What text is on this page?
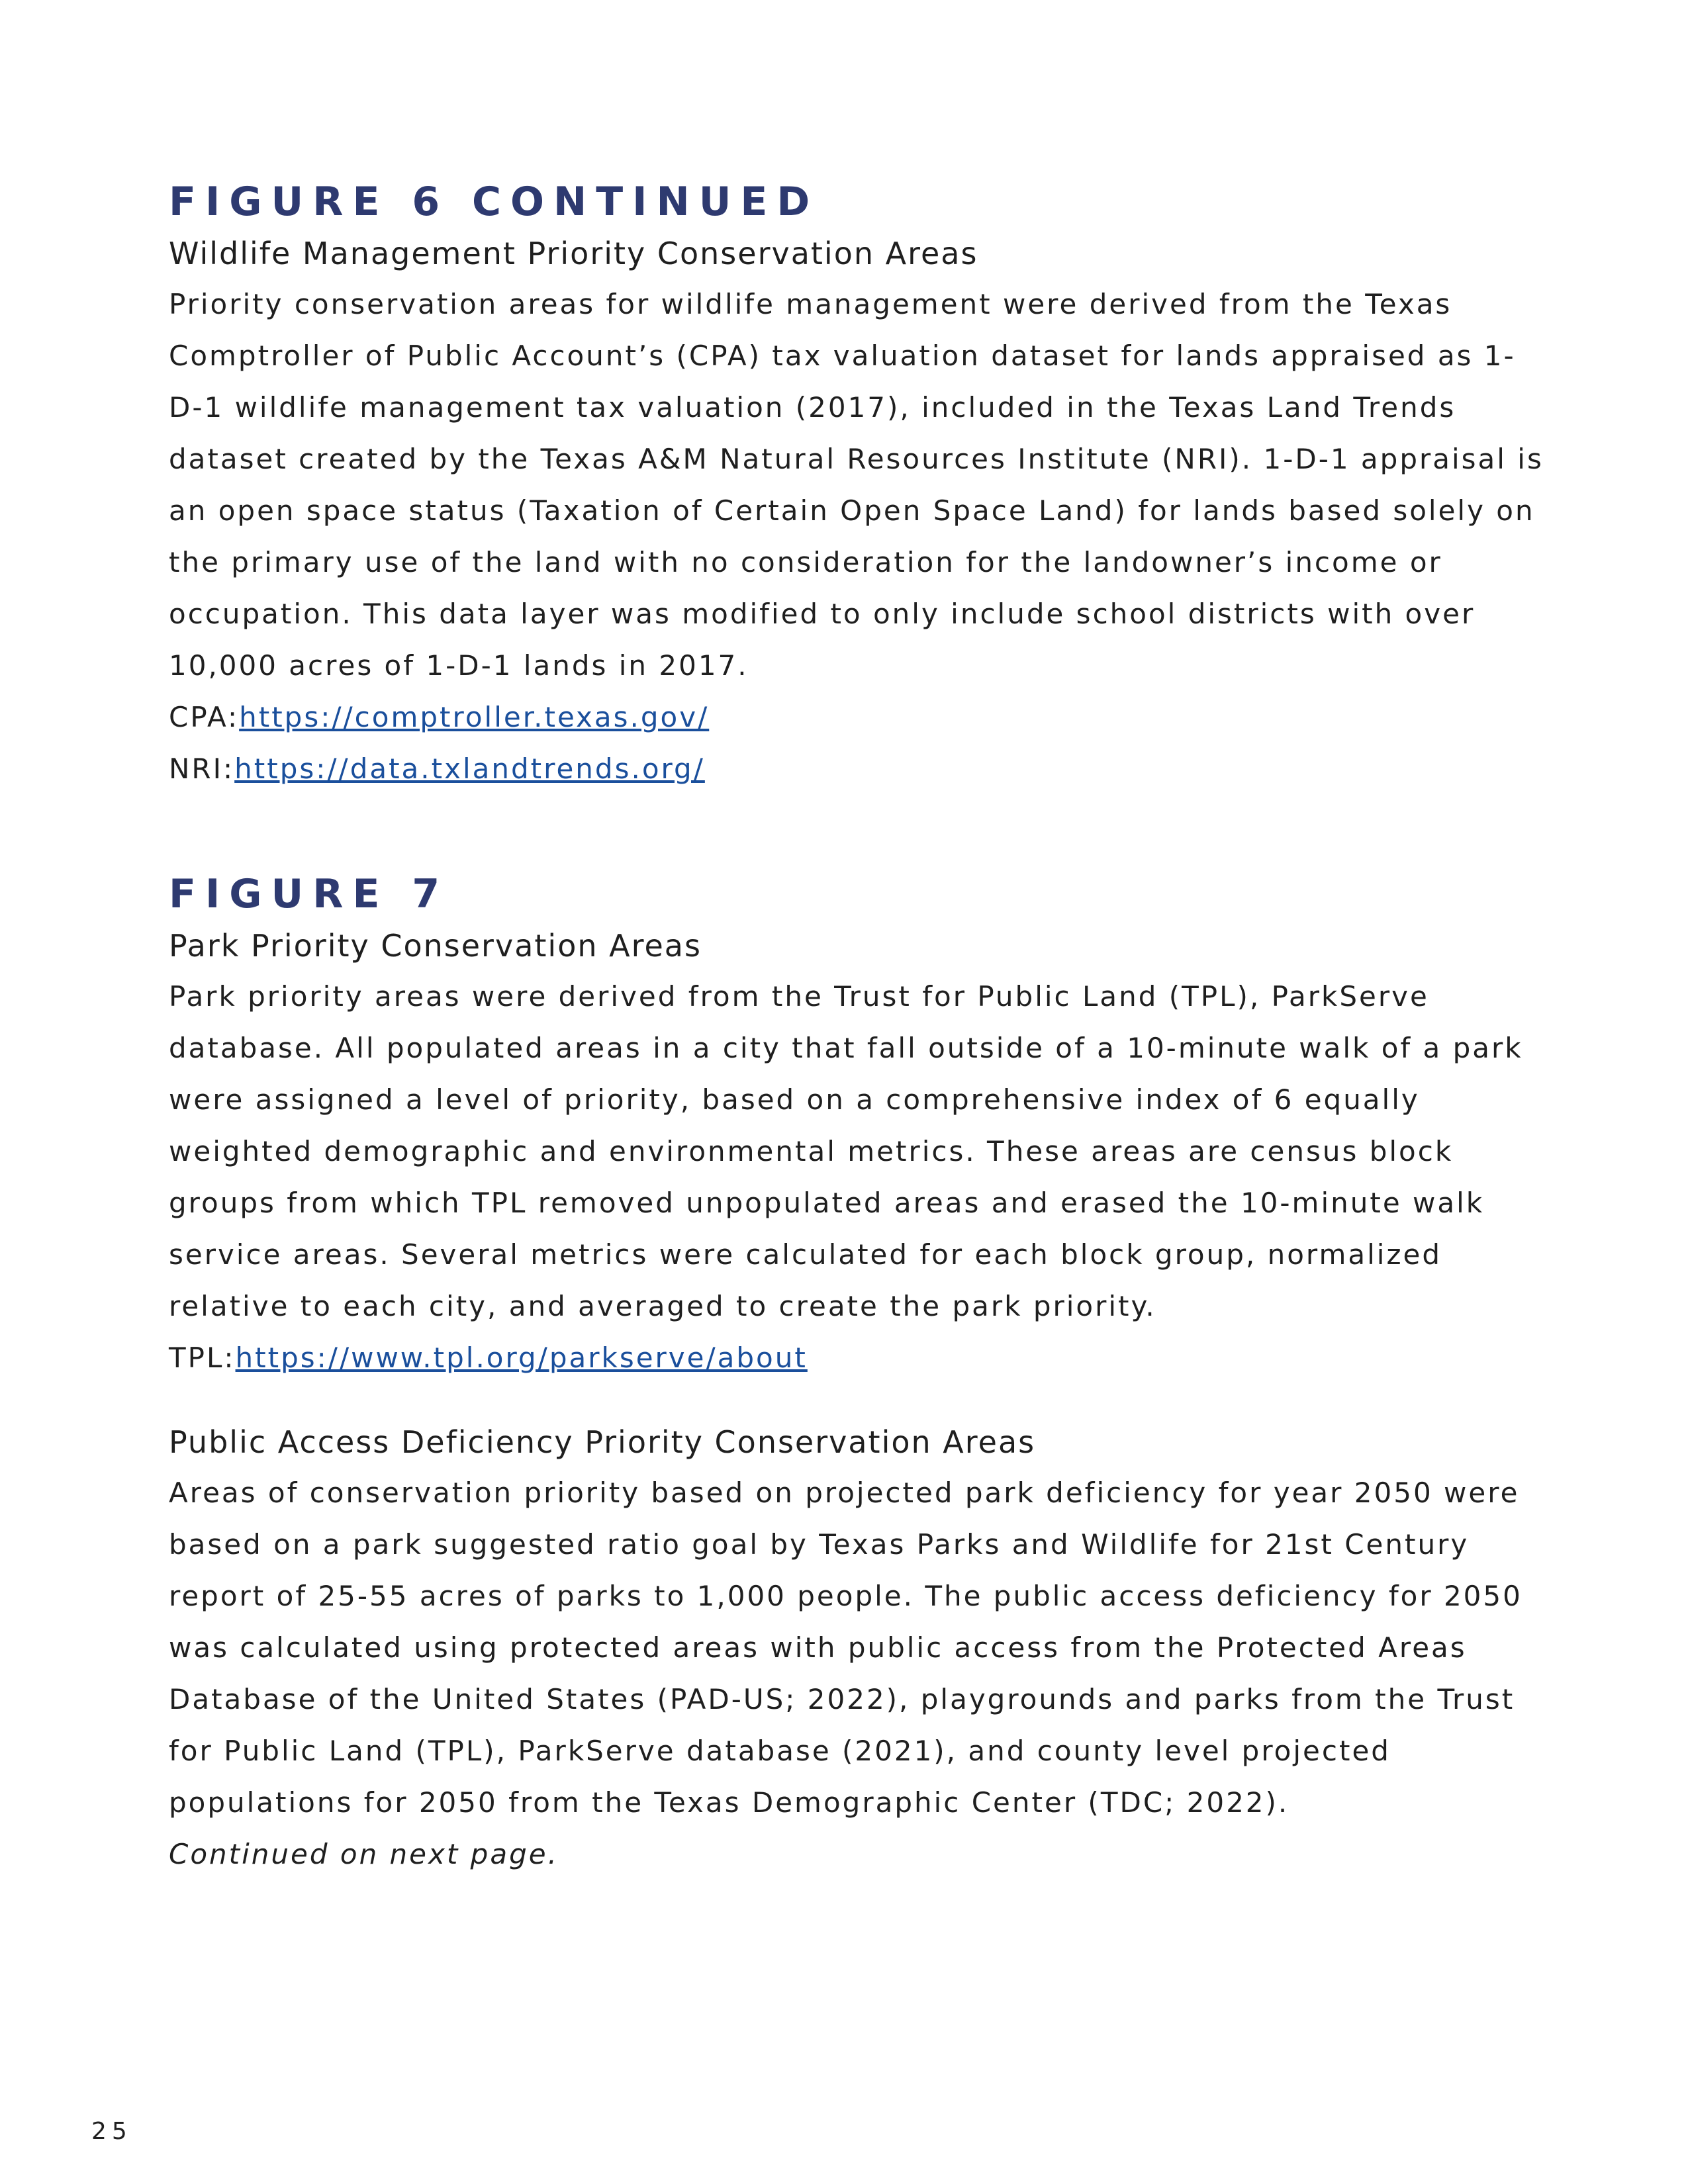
FIGURE 6 CONTINUED
Wildlife Management Priority Conservation Areas

Priority conservation areas for wildlife management were derived from the Texas Comptroller of Public Account’s (CPA) tax valuation dataset for lands appraised as 1-D-1 wildlife management tax valuation (2017), included in the Texas Land Trends dataset created by the Texas A&M Natural Resources Institute (NRI). 1-D-1 appraisal is an open space status (Taxation of Certain Open Space Land) for lands based solely on the primary use of the land with no consideration for the landowner’s income or occupation. This data layer was modified to only include school districts with over 10,000 acres of 1-D-1 lands in 2017.

CPA:https://comptroller.texas.gov/

NRI:https://data.txlandtrends.org/

FIGURE 7
Park Priority Conservation Areas

Park priority areas were derived from the Trust for Public Land (TPL), ParkServe database. All populated areas in a city that fall outside of a 10-minute walk of a park were assigned a level of priority, based on a comprehensive index of 6 equally weighted demographic and environmental metrics. These areas are census block groups from which TPL removed unpopulated areas and erased the 10-minute walk service areas. Several metrics were calculated for each block group, normalized relative to each city, and averaged to create the park priority.

TPL:https://www.tpl.org/parkserve/about

Public Access Deficiency Priority Conservation Areas

Areas of conservation priority based on projected park deficiency for year 2050 were based on a park suggested ratio goal by Texas Parks and Wildlife for 21st Century report of 25-55 acres of parks to 1,000 people. The public access deficiency for 2050 was calculated using protected areas with public access from the Protected Areas Database of the United States (PAD-US; 2022), playgrounds and parks from the Trust for Public Land (TPL), ParkServe database (2021), and county level projected populations for 2050 from the Texas Demographic Center (TDC; 2022).

Continued on next page.

25
